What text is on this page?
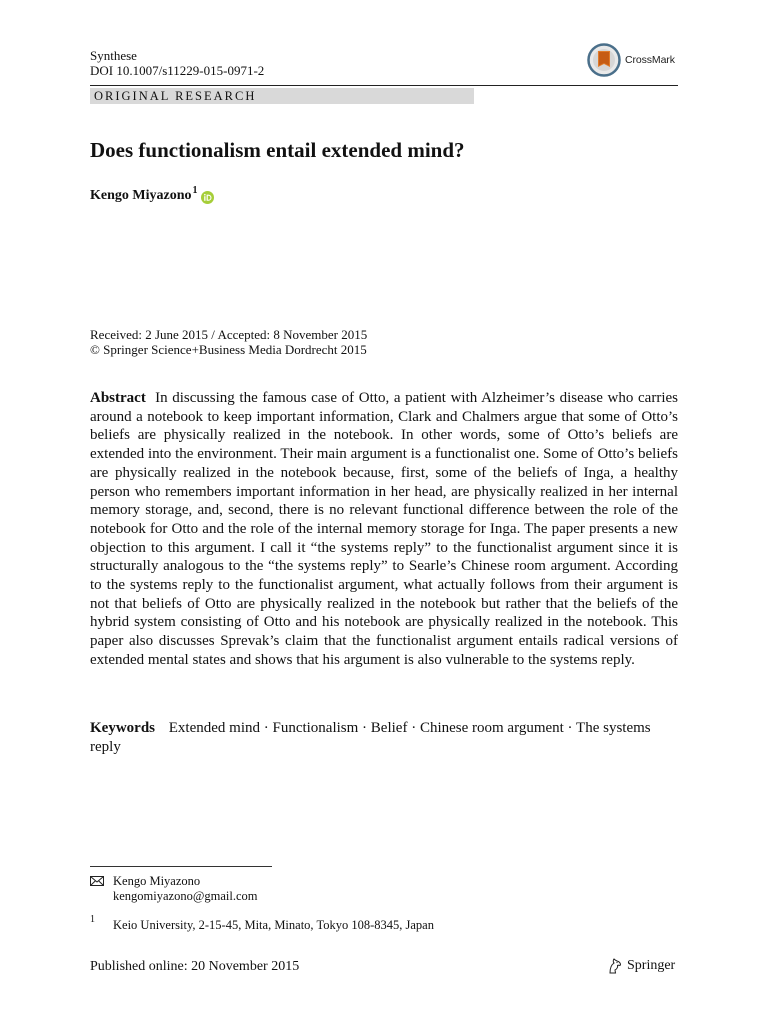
Synthese
DOI 10.1007/s11229-015-0971-2
CrossMark
ORIGINAL RESEARCH
Does functionalism entail extended mind?
Kengo Miyazono$^1$
Received: 2 June 2015 / Accepted: 8 November 2015
© Springer Science+Business Media Dordrecht 2015
Abstract In discussing the famous case of Otto, a patient with Alzheimer’s disease who carries around a notebook to keep important information, Clark and Chalmers argue that some of Otto’s beliefs are physically realized in the notebook. In other words, some of Otto’s beliefs are extended into the environment. Their main argument is a functionalist one. Some of Otto’s beliefs are physically realized in the notebook because, first, some of the beliefs of Inga, a healthy person who remembers important information in her head, are physically realized in her internal memory storage, and, second, there is no relevant functional difference between the role of the notebook for Otto and the role of the internal memory storage for Inga. The paper presents a new objection to this argument. I call it “the systems reply” to the functionalist argument since it is structurally analogous to the “the systems reply” to Searle’s Chinese room argument. According to the systems reply to the functionalist argument, what actually follows from their argument is not that beliefs of Otto are physically realized in the notebook but rather that the beliefs of the hybrid system consisting of Otto and his notebook are physically realized in the notebook. This paper also discusses Sprevak’s claim that the functionalist argument entails radical versions of extended mental states and shows that his argument is also vulnerable to the systems reply.
Keywords Extended mind · Functionalism · Belief · Chinese room argument · The systems reply
Kengo Miyazono
kengomiyazono@gmail.com
1 Keio University, 2-15-45, Mita, Minato, Tokyo 108-8345, Japan
Published online: 20 November 2015	Springer
